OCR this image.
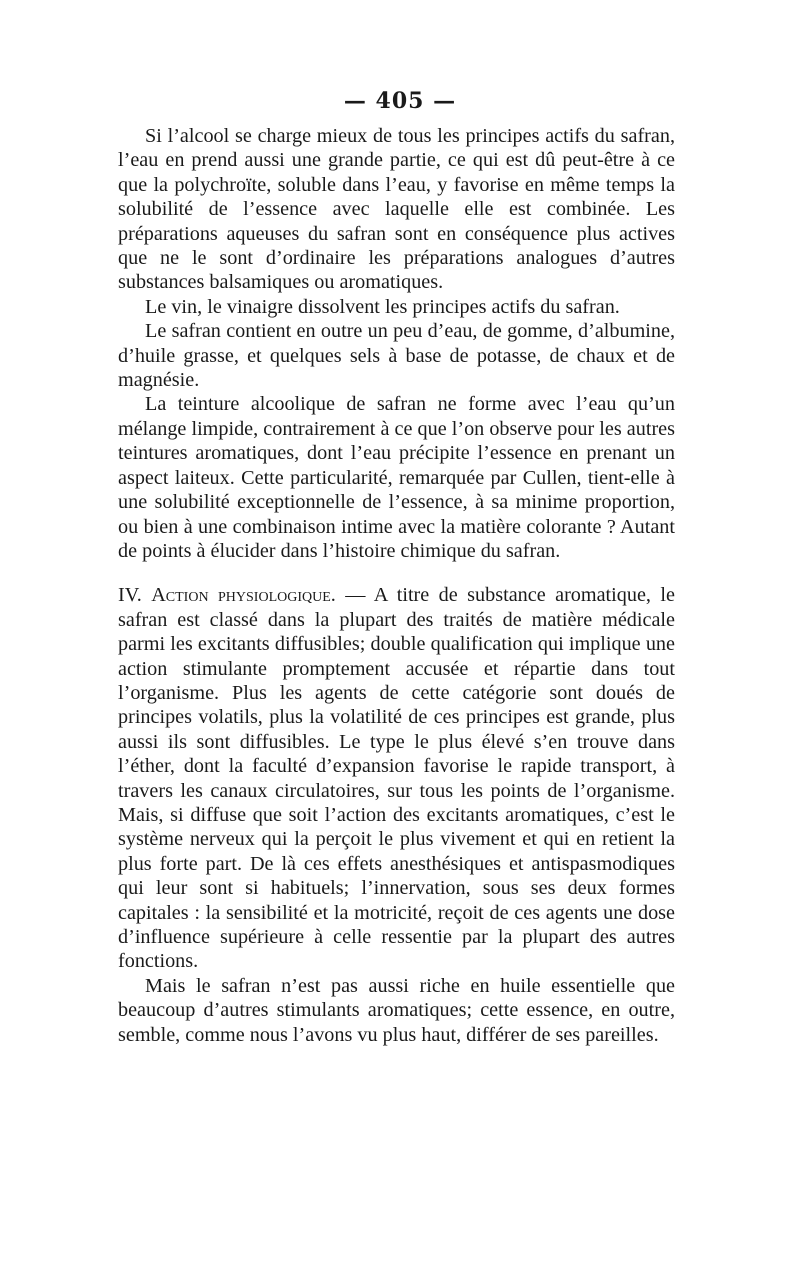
— 405 —

Si l’alcool se charge mieux de tous les principes actifs du safran, l’eau en prend aussi une grande partie, ce qui est dû peut-être à ce que la polychroïte, soluble dans l’eau, y favorise en même temps la solubilité de l’essence avec laquelle elle est combinée. Les préparations aqueuses du safran sont en conséquence plus actives que ne le sont d’ordinaire les préparations analogues d’autres substances balsamiques ou aromatiques.

Le vin, le vinaigre dissolvent les principes actifs du safran.

Le safran contient en outre un peu d’eau, de gomme, d’albumine, d’huile grasse, et quelques sels à base de potasse, de chaux et de magnésie.

La teinture alcoolique de safran ne forme avec l’eau qu’un mélange limpide, contrairement à ce que l’on observe pour les autres teintures aromatiques, dont l’eau précipite l’essence en prenant un aspect laiteux. Cette particularité, remarquée par Cullen, tient-elle à une solubilité exceptionnelle de l’essence, à sa minime proportion, ou bien à une combinaison intime avec la matière colorante ? Autant de points à élucider dans l’histoire chimique du safran.

IV. Action physiologique. — A titre de substance aromatique, le safran est classé dans la plupart des traités de matière médicale parmi les excitants diffusibles; double qualification qui implique une action stimulante promptement accusée et répartie dans tout l’organisme. Plus les agents de cette catégorie sont doués de principes volatils, plus la volatilité de ces principes est grande, plus aussi ils sont diffusibles. Le type le plus élevé s’en trouve dans l’éther, dont la faculté d’expansion favorise le rapide transport, à travers les canaux circulatoires, sur tous les points de l’organisme. Mais, si diffuse que soit l’action des excitants aromatiques, c’est le système nerveux qui la perçoit le plus vivement et qui en retient la plus forte part. De là ces effets anesthésiques et antispasmodiques qui leur sont si habituels; l’innervation, sous ses deux formes capitales : la sensibilité et la motricité, reçoit de ces agents une dose d’influence supérieure à celle ressentie par la plupart des autres fonctions.

Mais le safran n’est pas aussi riche en huile essentielle que beaucoup d’autres stimulants aromatiques; cette essence, en outre, semble, comme nous l’avons vu plus haut, différer de ses pareilles.
